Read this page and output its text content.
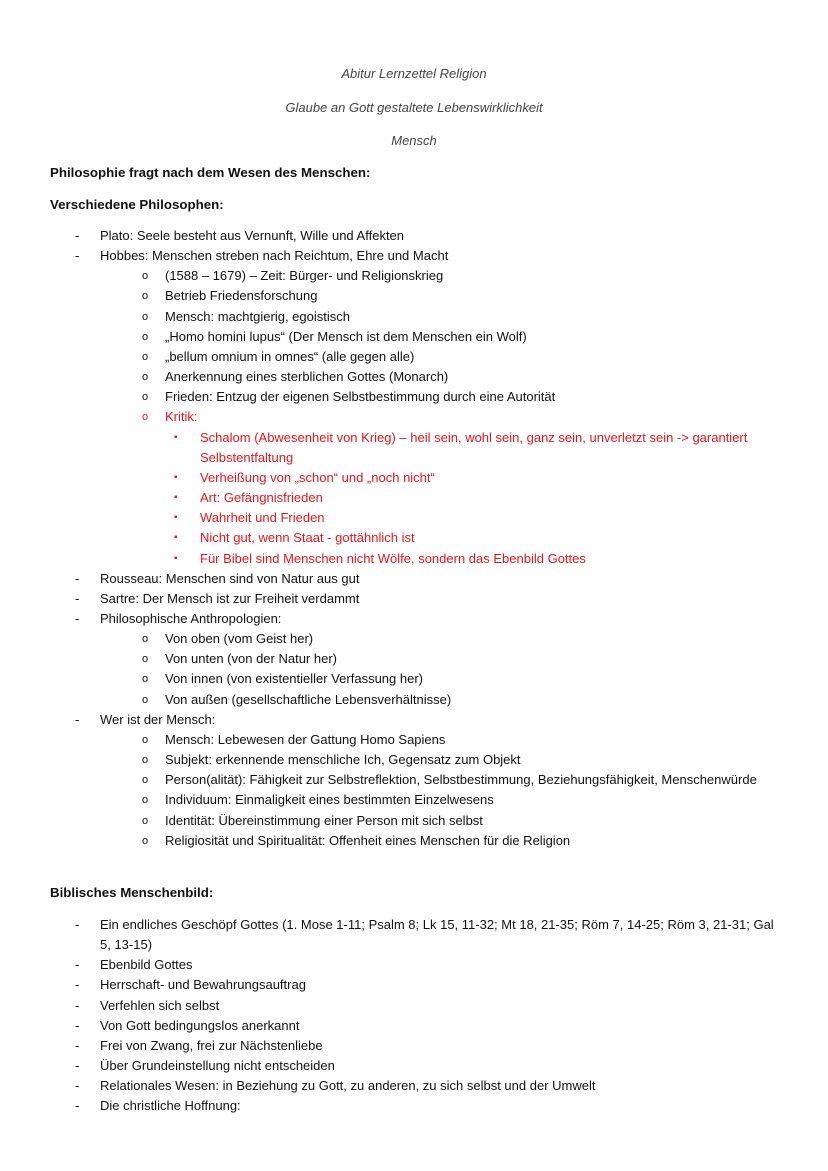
Abitur Lernzettel Religion
Glaube an Gott gestaltete Lebenswirklichkeit
Mensch
Philosophie fragt nach dem Wesen des Menschen:
Verschiedene Philosophen:
- Plato: Seele besteht aus Vernunft, Wille und Affekten
- Hobbes: Menschen streben nach Reichtum, Ehre und Macht
o (1588 – 1679) – Zeit: Bürger- und Religionskrieg
o Betrieb Friedensforschung
o Mensch: machtgierig, egoistisch
o „Homo homini lupus“ (Der Mensch ist dem Menschen ein Wolf)
o „bellum omnium in omnes“ (alle gegen alle)
o Anerkennung eines sterblichen Gottes (Monarch)
o Frieden: Entzug der eigenen Selbstbestimmung durch eine Autorität
o Kritik:
▪ Schalom (Abwesenheit von Krieg) – heil sein, wohl sein, ganz sein, unverletzt sein -> garantiert Selbstentfaltung
▪ Verheißung von „schon“ und „noch nicht“
▪ Art: Gefängnisfrieden
▪ Wahrheit und Frieden
▪ Nicht gut, wenn Staat - gottähnlich ist
▪ Für Bibel sind Menschen nicht Wölfe, sondern das Ebenbild Gottes
- Rousseau: Menschen sind von Natur aus gut
- Sartre: Der Mensch ist zur Freiheit verdammt
- Philosophische Anthropologien:
o Von oben (vom Geist her)
o Von unten (von der Natur her)
o Von innen (von existentieller Verfassung her)
o Von außen (gesellschaftliche Lebensverhältnisse)
- Wer ist der Mensch:
o Mensch: Lebewesen der Gattung Homo Sapiens
o Subjekt: erkennende menschliche Ich, Gegensatz zum Objekt
o Person(alität): Fähigkeit zur Selbstreflektion, Selbstbestimmung, Beziehungsfähigkeit, Menschenwürde
o Individuum: Einmaligkeit eines bestimmten Einzelwesens
o Identität: Übereinstimmung einer Person mit sich selbst
o Religiosität und Spiritualität: Offenheit eines Menschen für die Religion
Biblisches Menschenbild:
- Ein endliches Geschöpf Gottes (1. Mose 1-11; Psalm 8; Lk 15, 11-32; Mt 18, 21-35; Röm 7, 14-25; Röm 3, 21-31; Gal 5, 13-15)
- Ebenbild Gottes
- Herrschaft- und Bewahrungsauftrag
- Verfehlen sich selbst
- Von Gott bedingungslos anerkannt
- Frei von Zwang, frei zur Nächstenliebe
- Über Grundeinstellung nicht entscheiden
- Relationales Wesen: in Beziehung zu Gott, zu anderen, zu sich selbst und der Umwelt
- Die christliche Hoffnung:
